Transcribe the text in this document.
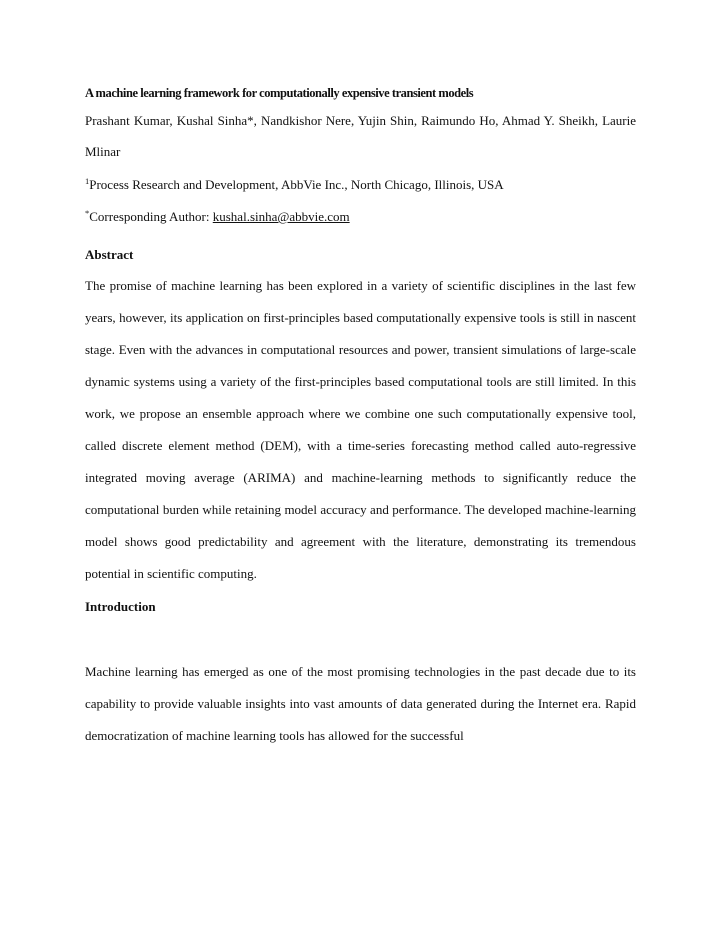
A machine learning framework for computationally expensive transient models

Prashant Kumar, Kushal Sinha*, Nandkishor Nere, Yujin Shin, Raimundo Ho, Ahmad Y. Sheikh, Laurie Mlinar

$^1$Process Research and Development, AbbVie Inc., North Chicago, Illinois, USA

*Corresponding Author: kushal.sinha@abbvie.com

Abstract

The promise of machine learning has been explored in a variety of scientific disciplines in the last few years, however, its application on first-principles based computationally expensive tools is still in nascent stage. Even with the advances in computational resources and power, transient simulations of large-scale dynamic systems using a variety of the first-principles based computational tools are still limited. In this work, we propose an ensemble approach where we combine one such computationally expensive tool, called discrete element method (DEM), with a time-series forecasting method called auto-regressive integrated moving average (ARIMA) and machine-learning methods to significantly reduce the computational burden while retaining model accuracy and performance. The developed machine-learning model shows good predictability and agreement with the literature, demonstrating its tremendous potential in scientific computing.

Introduction

Machine learning has emerged as one of the most promising technologies in the past decade due to its capability to provide valuable insights into vast amounts of data generated during the Internet era. Rapid democratization of machine learning tools has allowed for the successful
